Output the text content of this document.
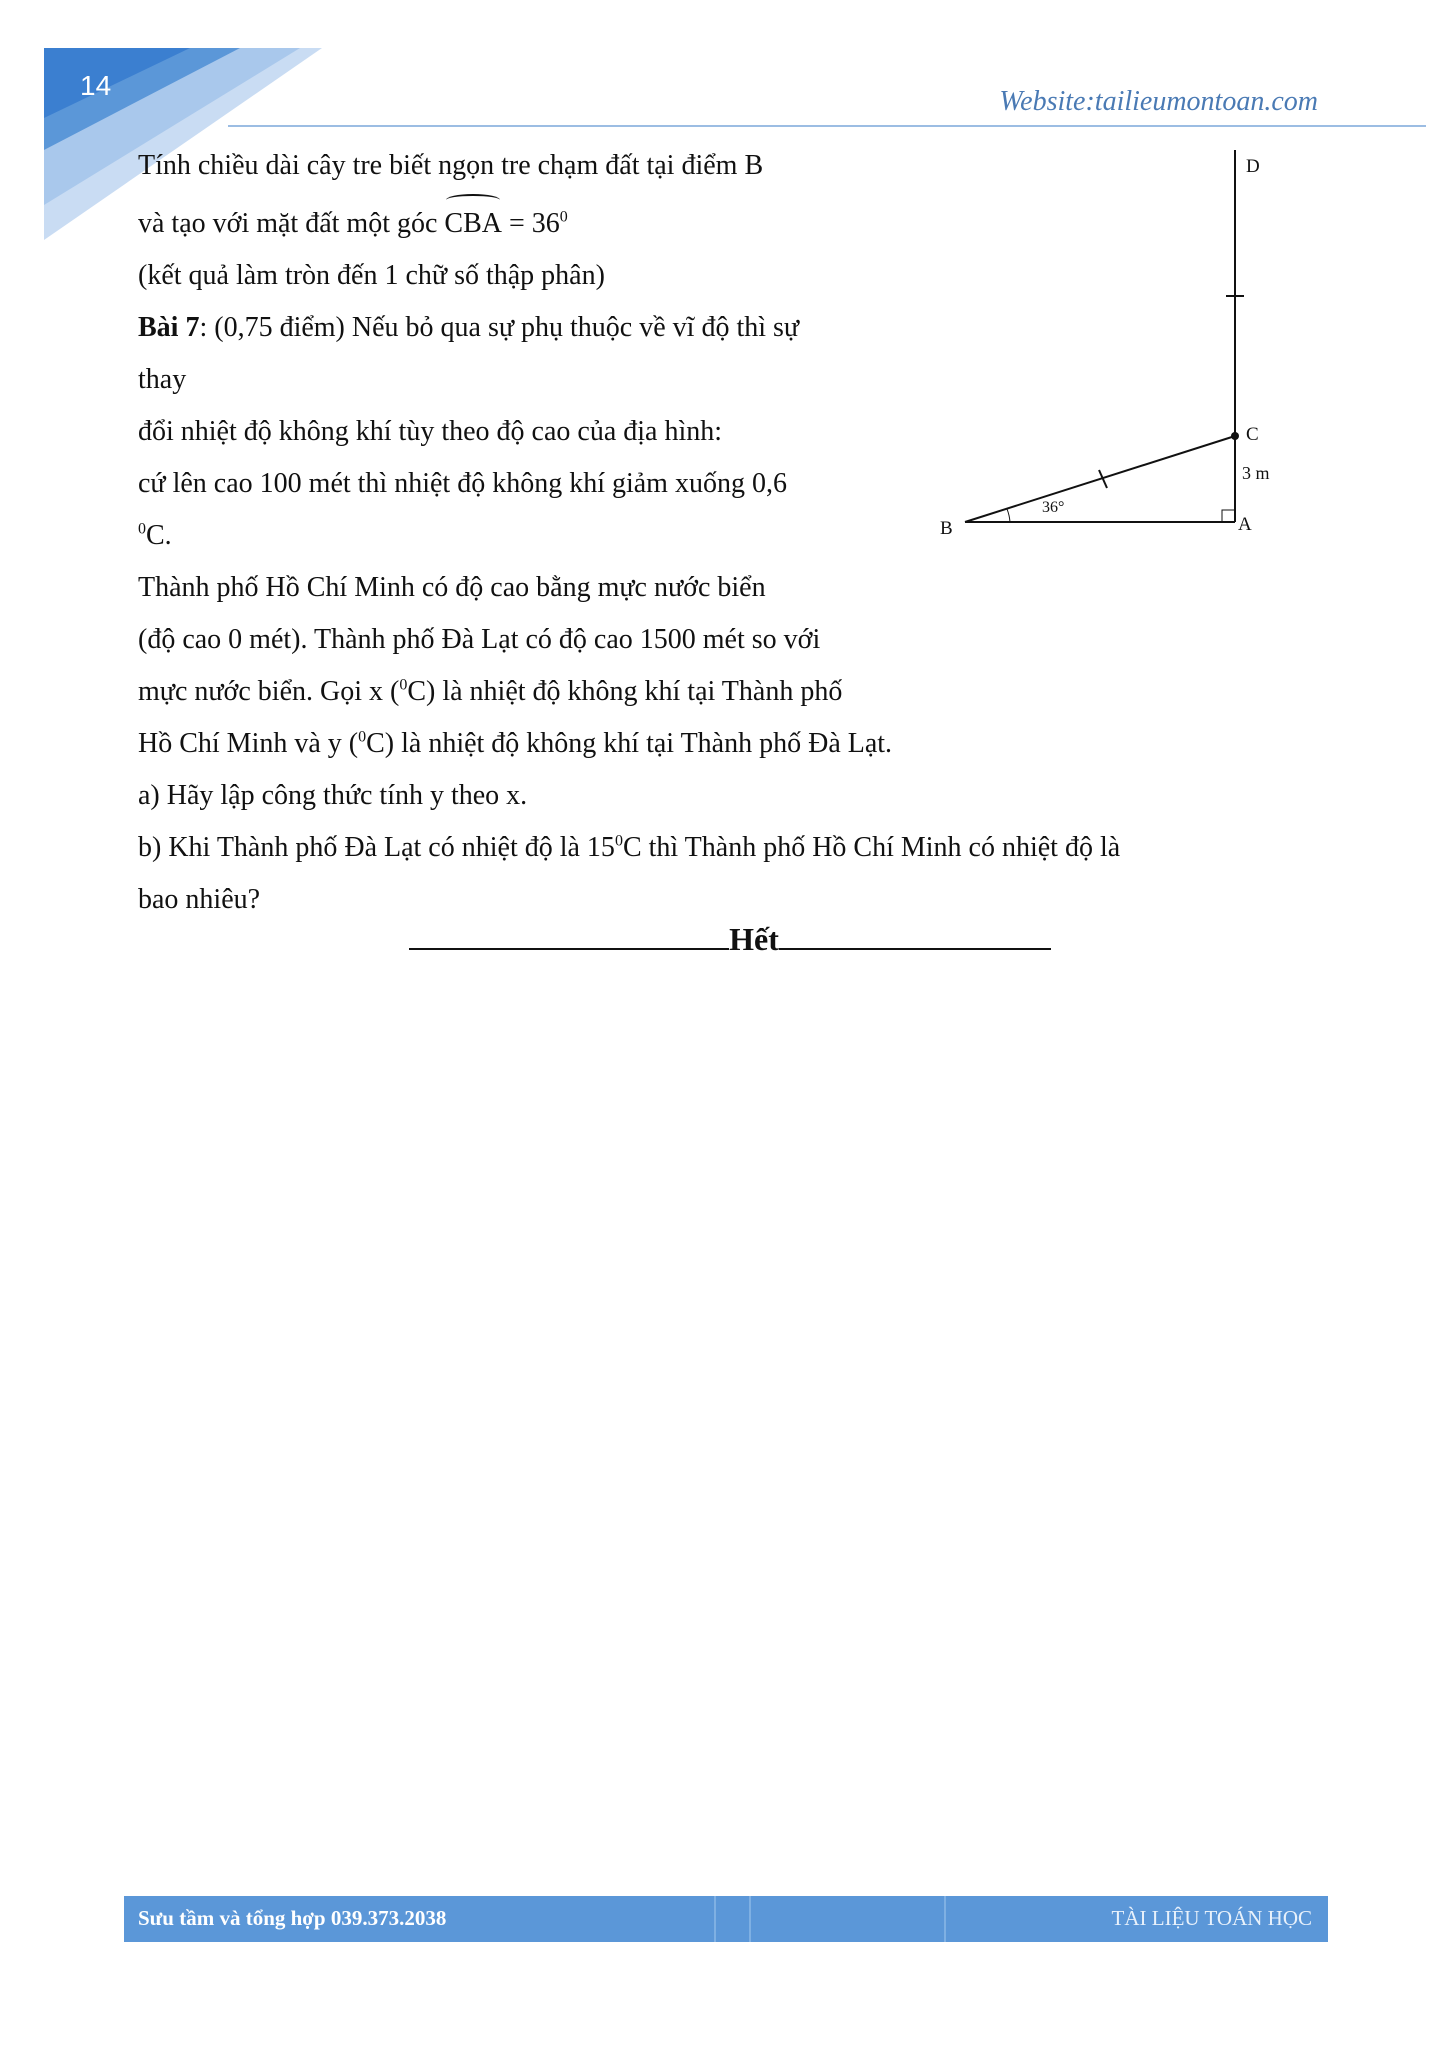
14
Website:tailieumontoan.com
Tính chiều dài cây tre biết ngọn tre chạm đất tại điểm B
và tạo với mặt đất một góc CBA = $36^0$
(kết quả làm tròn đến 1 chữ số thập phân)
Bài 7: (0,75 điểm) Nếu bỏ qua sự phụ thuộc về vĩ độ thì sự
thay
đổi nhiệt độ không khí tùy theo độ cao của địa hình:
cứ lên cao 100 mét thì nhiệt độ không khí giảm xuống 0,6
$^0$C.
Thành phố Hồ Chí Minh có độ cao bằng mực nước biển
(độ cao 0 mét). Thành phố Đà Lạt có độ cao 1500 mét so với
mực nước biển. Gọi x ($^0$C) là nhiệt độ không khí tại Thành phố
Hồ Chí Minh và y ($^0$C) là nhiệt độ không khí tại Thành phố Đà Lạt.
a) Hãy lập công thức tính y theo x.
b) Khi Thành phố Đà Lạt có nhiệt độ là $15^0C$ thì Thành phố Hồ Chí Minh có nhiệt độ là
bao nhiêu?
D
C
3 m
36°
B	A
Hết
Sưu tầm và tổng hợp 039.373.2038	TÀI LIỆU TOÁN HỌC
